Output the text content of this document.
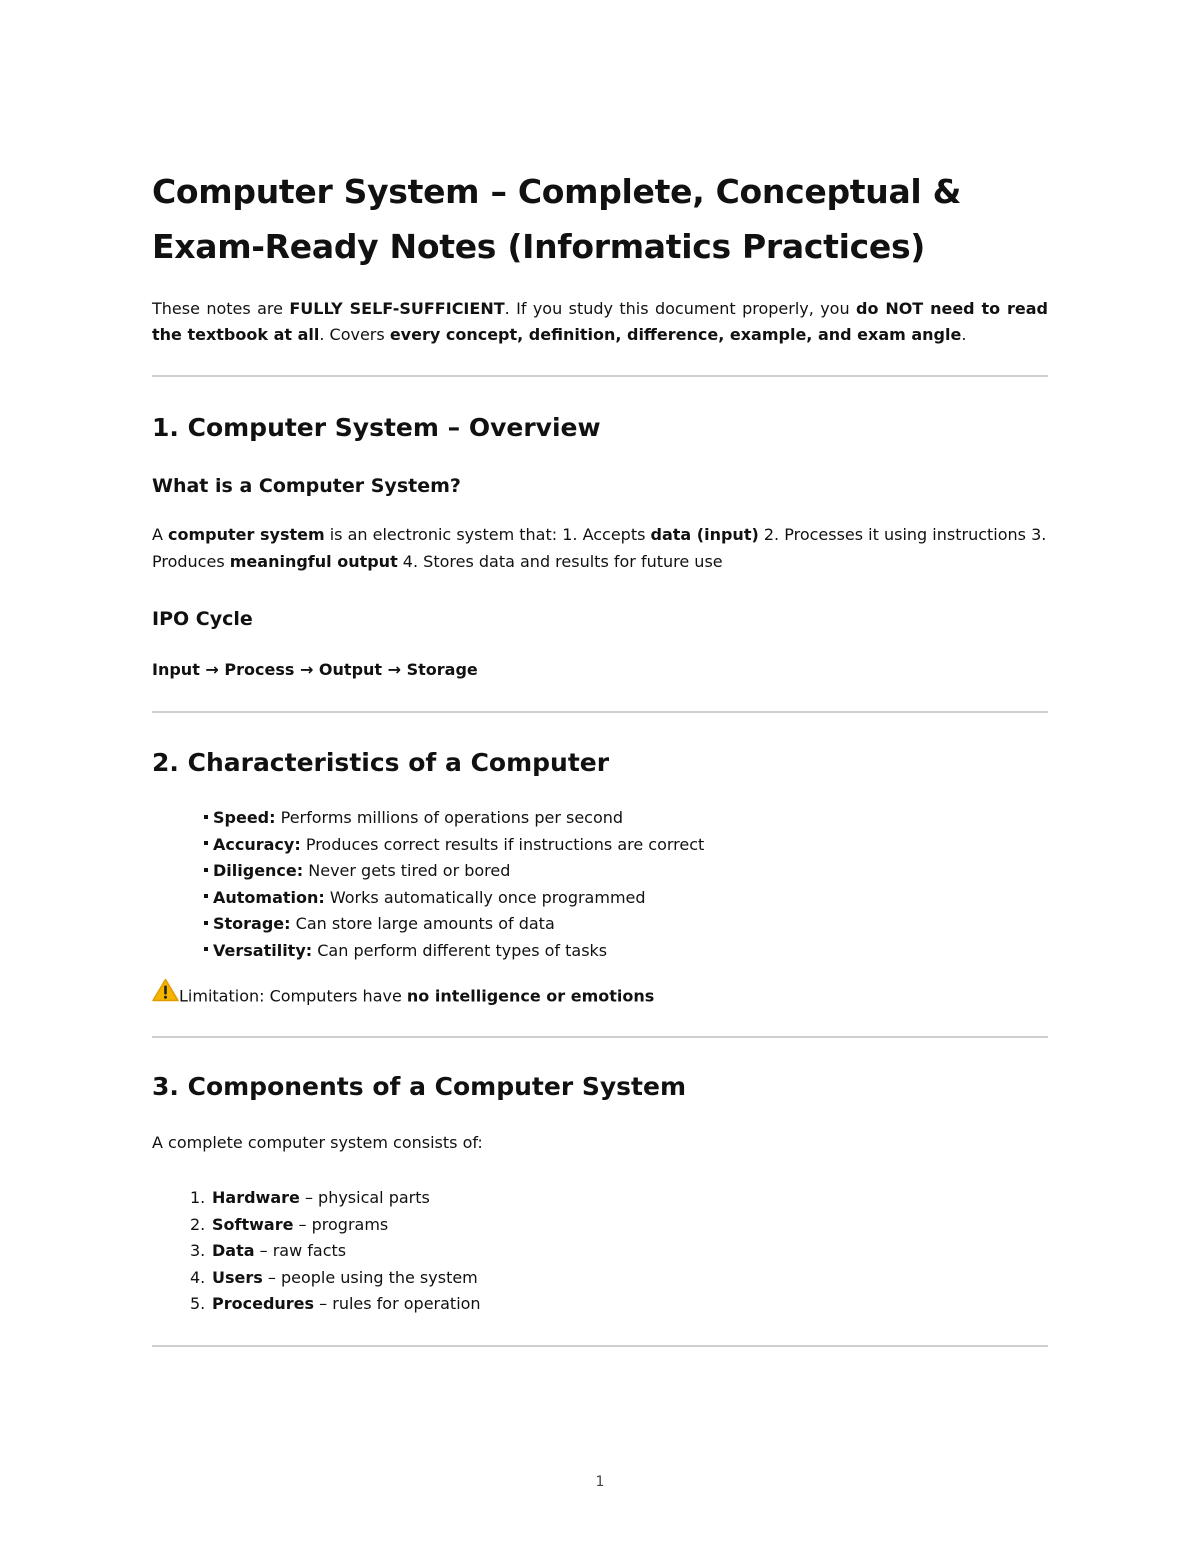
Computer System – Complete, Conceptual &
Exam-Ready Notes (Informatics Practices)

These notes are FULLY SELF-SUFFICIENT. If you study this document properly, you do NOT need to read the textbook at all. Covers every concept, definition, difference, example, and exam angle.

1. Computer System – Overview
What is a Computer System?

A computer system is an electronic system that: 1. Accepts data (input) 2. Processes it using instructions 3. Produces meaningful output 4. Stores data and results for future use

IPO Cycle

Input → Process → Output → Storage

2. Characteristics of a Computer
Speed: Performs millions of operations per second
Accuracy: Produces correct results if instructions are correct
Diligence: Never gets tired or bored
Automation: Works automatically once programmed
Storage: Can store large amounts of data
Versatility: Can perform different types of tasks
Limitation: Computers have no intelligence or emotions
3. Components of a Computer System

A complete computer system consists of:

1. Hardware – physical parts
2. Software – programs
3. Data – raw facts
4. Users – people using the system
5. Procedures – rules for operation
1
